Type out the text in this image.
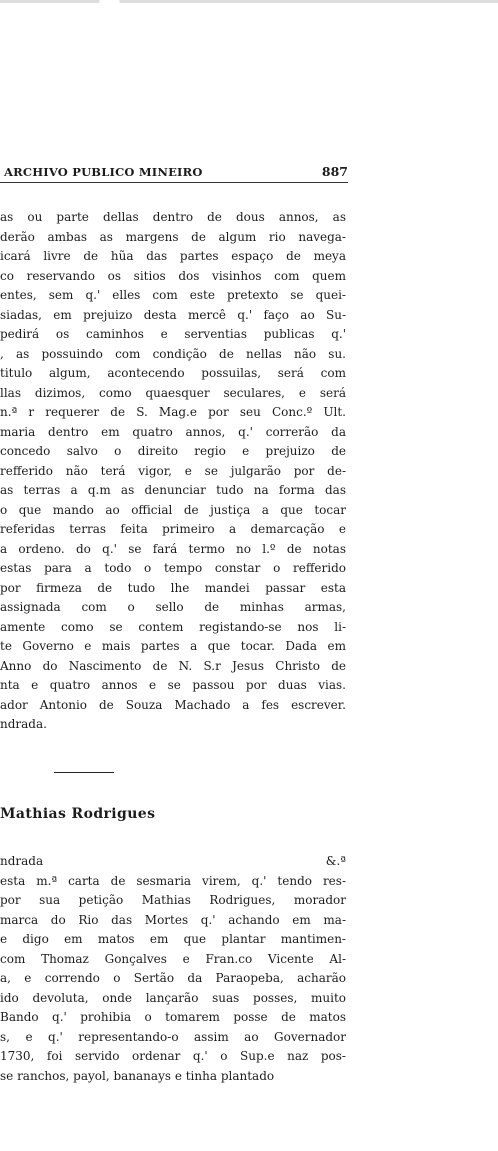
ARCHIVO PUBLICO MINEIRO	887
as ou parte dellas dentro de dous annos, as
derão ambas as margens de algum rio navega-
icará livre de hũa das partes espaço de meya
co reservando os sitios dos visinhos com quem
entes, sem q.' elles com este pretexto se quei-
siadas, em prejuizo desta mercê q.' faço ao Su-
pedirá os caminhos e serventias publicas q.'
, as possuindo com condição de nellas não su.
titulo algum, acontecendo possuilas, será com
llas dizimos, como quaesquer seculares, e será
n.ª r requerer de S. Mag.e por seu Conc.º Ult.
maria dentro em quatro annos, q.' correrão da
concedo salvo o direito regio e prejuizo de
refferido não terá vigor, e se julgarão por de-
as terras a q.m as denunciar tudo na forma das
o que mando ao official de justiça a que tocar
referidas terras feita primeiro a demarcação e
a ordeno. do q.' se fará termo no l.º de notas
estas para a todo o tempo constar o refferido
por firmeza de tudo lhe mandei passar esta
assignada com o sello de minhas armas,
amente como se contem registando-se nos li-
te Governo e mais partes a que tocar. Dada em
Anno do Nascimento de N. S.r Jesus Christo de
nta e quatro annos e se passou por duas vias.
ador Antonio de Souza Machado a fes escrever.
ndrada.
Mathias Rodrigues
ndrada &.ª
esta m.ª carta de sesmaria virem, q.' tendo res-
por sua petição Mathias Rodrigues, morador
marca do Rio das Mortes q.' achando em ma-
e digo em matos em que plantar mantimen-
com Thomaz Gonçalves e Fran.co Vicente Al-
a, e correndo o Sertão da Paraopeba, acharão
ido devoluta, onde lançarão suas posses, muito
Bando q.' prohibia o tomarem posse de matos
s, e q.' representando-o assim ao Governador
1730, foi servido ordenar q.' o Sup.e naz pos-
se ranchos, payol, bananays e tinha plantado
